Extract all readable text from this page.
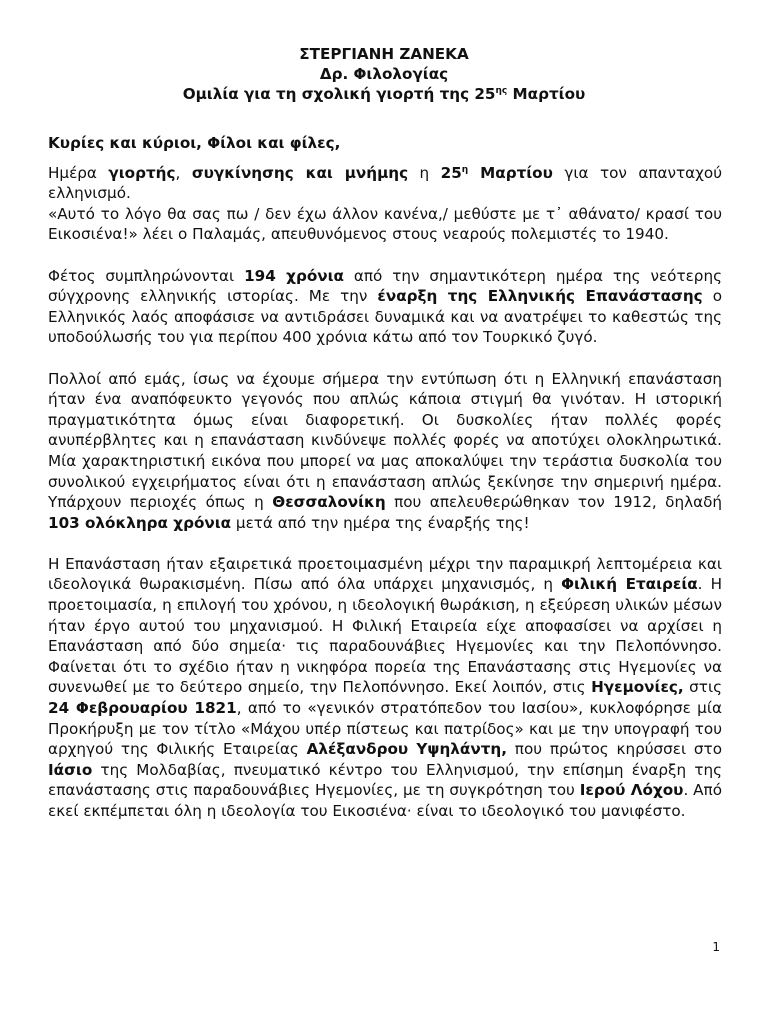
ΣΤΕΡΓΙΑΝΗ ΖΑΝΕΚΑ
Δρ. Φιλολογίας
Ομιλία για τη σχολική γιορτή της $25^{\eta\varsigma}$ Μαρτίου

Κυρίες και κύριοι, Φίλοι και φίλες,

Ημέρα γιορτής, συγκίνησης και μνήμης η $25^\eta$ Μαρτίου για τον απανταχού ελληνισμό.

«Αυτό το λόγο θα σας πω / δεν έχω άλλον κανένα,/ μεθύστε με τ᾽ αθάνατο/ κρασί του Εικοσιένα!» λέει ο Παλαμάς, απευθυνόμενος στους νεαρούς πολεμιστές το 1940.

Φέτος συμπληρώνονται 194 χρόνια από την σημαντικότερη ημέρα της νεότερης σύγχρονης ελληνικής ιστορίας. Με την έναρξη της Ελληνικής Επανάστασης ο Ελληνικός λαός αποφάσισε να αντιδράσει δυναμικά και να ανατρέψει το καθεστώς της υποδούλωσής του για περίπου 400 χρόνια κάτω από τον Τουρκικό ζυγό.

Πολλοί από εμάς, ίσως να έχουμε σήμερα την εντύπωση ότι η Ελληνική επανάσταση ήταν ένα αναπόφευκτο γεγονός που απλώς κάποια στιγμή θα γινόταν. Η ιστορική πραγματικότητα όμως είναι διαφορετική. Οι δυσκολίες ήταν πολλές φορές ανυπέρβλητες και η επανάσταση κινδύνεψε πολλές φορές να αποτύχει ολοκληρωτικά. Μία χαρακτηριστική εικόνα που μπορεί να μας αποκαλύψει την τεράστια δυσκολία του συνολικού εγχειρήματος είναι ότι η επανάσταση απλώς ξεκίνησε την σημερινή ημέρα. Υπάρχουν περιοχές όπως η Θεσσαλονίκη που απελευθερώθηκαν τον 1912, δηλαδή 103 ολόκληρα χρόνια μετά από την ημέρα της έναρξής της!

Η Επανάσταση ήταν εξαιρετικά προετοιμασμένη μέχρι την παραμικρή λεπτομέρεια και ιδεολογικά θωρακισμένη. Πίσω από όλα υπάρχει μηχανισμός, η Φιλική Εταιρεία. Η προετοιμασία, η επιλογή του χρόνου, η ιδεολογική θωράκιση, η εξεύρεση υλικών μέσων ήταν έργο αυτού του μηχανισμού. Η Φιλική Εταιρεία είχε αποφασίσει να αρχίσει η Επανάσταση από δύο σημεία· τις παραδουνάβιες Ηγεμονίες και την Πελοπόννησο. Φαίνεται ότι το σχέδιο ήταν η νικηφόρα πορεία της Επανάστασης στις Ηγεμονίες να συνενωθεί με το δεύτερο σημείο, την Πελοπόννησο. Εκεί λοιπόν, στις Ηγεμονίες, στις 24 Φεβρουαρίου 1821, από το «γενικόν στρατόπεδον του Ιασίου», κυκλοφόρησε μία Προκήρυξη με τον τίτλο «Μάχου υπέρ πίστεως και πατρίδος» και με την υπογραφή του αρχηγού της Φιλικής Εταιρείας Αλέξανδρου Υψηλάντη, που πρώτος κηρύσσει στο Ιάσιο της Μολδαβίας, πνευματικό κέντρο του Ελληνισμού, την επίσημη έναρξη της επανάστασης στις παραδουνάβιες Ηγεμονίες, με τη συγκρότηση του Ιερού Λόχου. Από εκεί εκπέμπεται όλη η ιδεολογία του Εικοσιένα· είναι το ιδεολογικό του μανιφέστο.

1
